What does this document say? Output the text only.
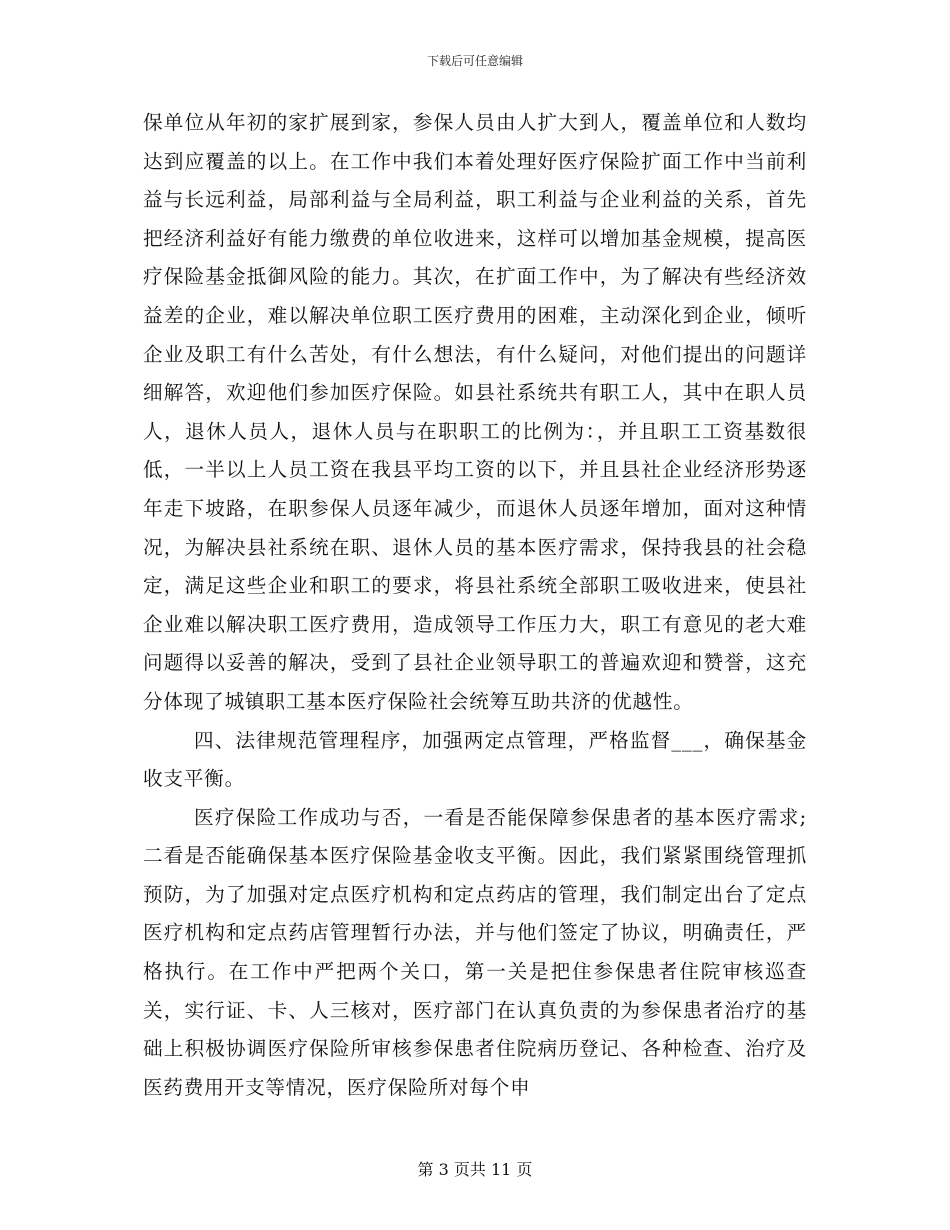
下载后可任意编辑

保单位从年初的家扩展到家，参保人员由人扩大到人，覆盖单位和人数均达到应覆盖的以上。在工作中我们本着处理好医疗保险扩面工作中当前利益与长远利益，局部利益与全局利益，职工利益与企业利益的关系，首先把经济利益好有能力缴费的单位收进来，这样可以增加基金规模，提高医疗保险基金抵御风险的能力。其次，在扩面工作中，为了解决有些经济效益差的企业，难以解决单位职工医疗费用的困难，主动深化到企业，倾听企业及职工有什么苦处，有什么想法，有什么疑问，对他们提出的问题详细解答，欢迎他们参加医疗保险。如县社系统共有职工人，其中在职人员人，退休人员人，退休人员与在职职工的比例为：，并且职工工资基数很低，一半以上人员工资在我县平均工资的以下，并且县社企业经济形势逐年走下坡路，在职参保人员逐年减少，而退休人员逐年增加，面对这种情况，为解决县社系统在职、退休人员的基本医疗需求，保持我县的社会稳定，满足这些企业和职工的要求，将县社系统全部职工吸收进来，使县社企业难以解决职工医疗费用，造成领导工作压力大，职工有意见的老大难问题得以妥善的解决，受到了县社企业领导职工的普遍欢迎和赞誉，这充分体现了城镇职工基本医疗保险社会统筹互助共济的优越性。

四、法律规范管理程序，加强两定点管理，严格监督___，确保基金收支平衡。

医疗保险工作成功与否，一看是否能保障参保患者的基本医疗需求;二看是否能确保基本医疗保险基金收支平衡。因此，我们紧紧围绕管理抓预防，为了加强对定点医疗机构和定点药店的管理，我们制定出台了定点医疗机构和定点药店管理暂行办法，并与他们签定了协议，明确责任，严格执行。在工作中严把两个关口，第一关是把住参保患者住院审核巡查关，实行证、卡、人三核对，医疗部门在认真负责的为参保患者治疗的基础上积极协调医疗保险所审核参保患者住院病历登记、各种检查、治疗及医药费用开支等情况，医疗保险所对每个申

第 3 页共 11 页
